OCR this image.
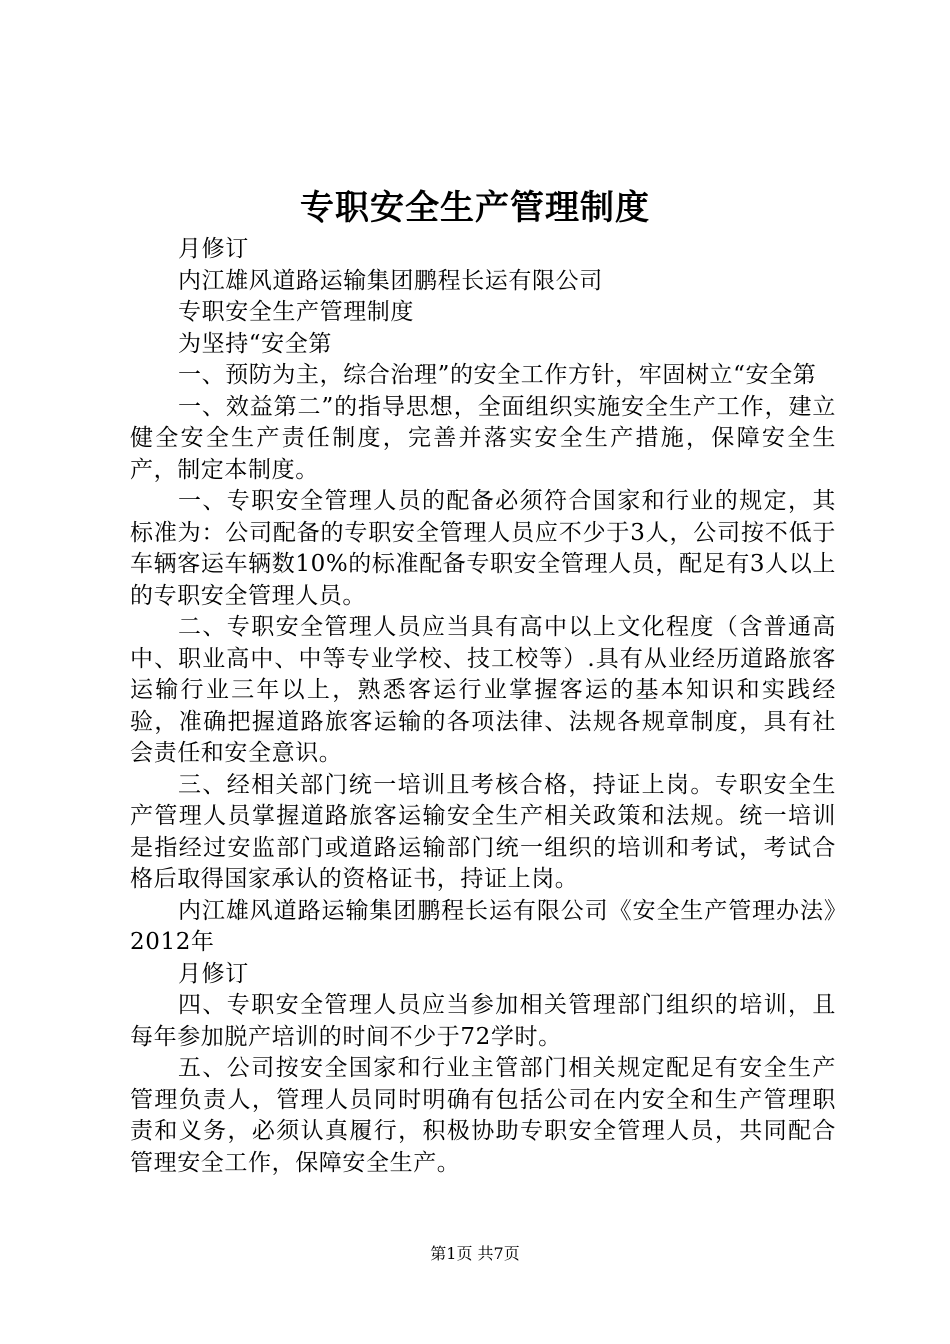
专职安全生产管理制度

月修订

内江雄风道路运输集团鹏程长运有限公司

专职安全生产管理制度

为坚持“安全第

一、预防为主，综合治理”的安全工作方针，牢固树立“安全第

一、效益第二”的指导思想，全面组织实施安全生产工作，建立健全安全生产责任制度，完善并落实安全生产措施，保障安全生产，制定本制度。

一、专职安全管理人员的配备必须符合国家和行业的规定，其标准为：公司配备的专职安全管理人员应不少于3人，公司按不低于车辆客运车辆数10%的标准配备专职安全管理人员，配足有3人以上的专职安全管理人员。

二、专职安全管理人员应当具有高中以上文化程度（含普通高中、职业高中、中等专业学校、技工校等）.具有从业经历道路旅客运输行业三年以上，熟悉客运行业掌握客运的基本知识和实践经验，准确把握道路旅客运输的各项法律、法规各规章制度，具有社会责任和安全意识。

三、经相关部门统一培训且考核合格，持证上岗。专职安全生产管理人员掌握道路旅客运输安全生产相关政策和法规。统一培训是指经过安监部门或道路运输部门统一组织的培训和考试，考试合格后取得国家承认的资格证书，持证上岗。

内江雄风道路运输集团鹏程长运有限公司《安全生产管理办法》2012年

月修订

四、专职安全管理人员应当参加相关管理部门组织的培训，且每年参加脱产培训的时间不少于72学时。

五、公司按安全国家和行业主管部门相关规定配足有安全生产管理负责人，管理人员同时明确有包括公司在内安全和生产管理职责和义务，必须认真履行，积极协助专职安全管理人员，共同配合管理安全工作，保障安全生产。

第1页 共7页
